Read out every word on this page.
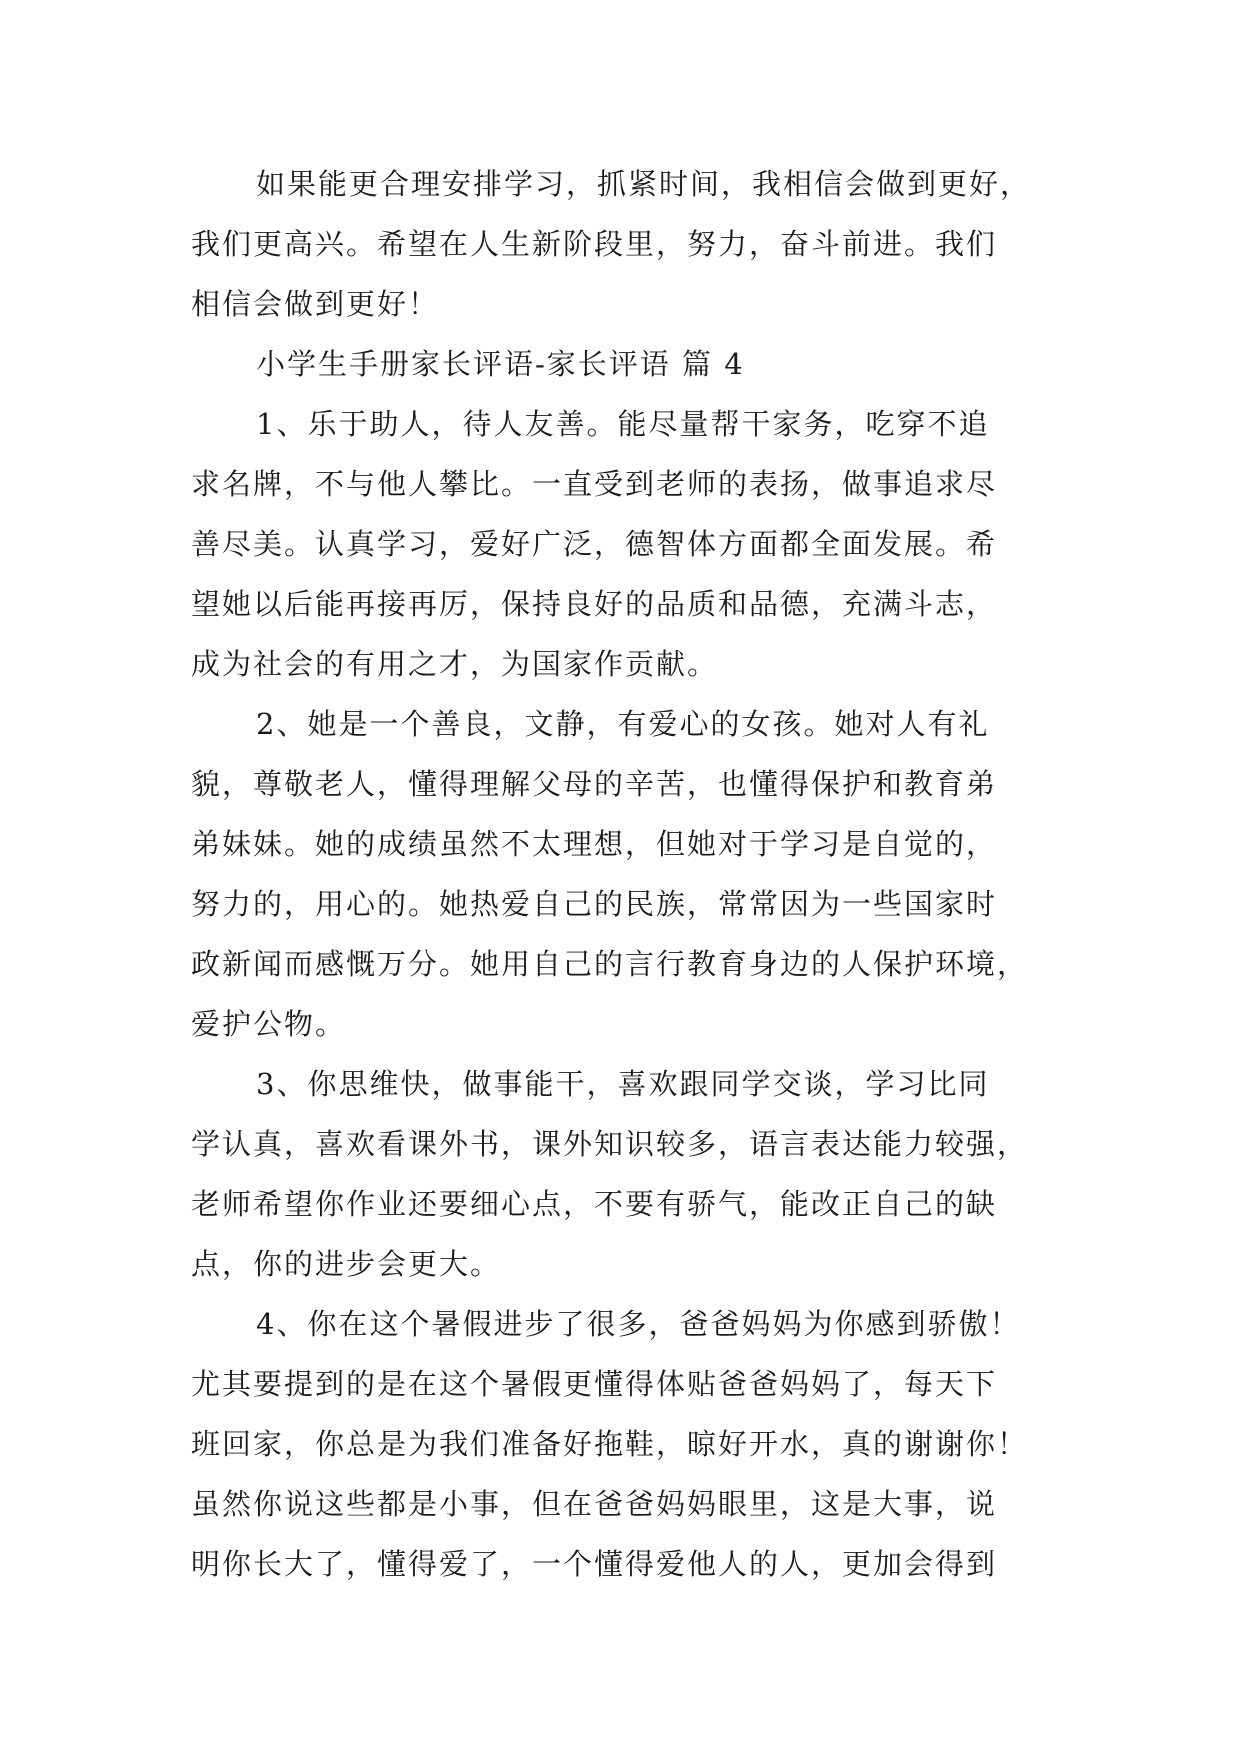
如果能更合理安排学习，抓紧时间，我相信会做到更好，

我们更高兴。希望在人生新阶段里，努力，奋斗前进。我们

相信会做到更好！

小学生手册家长评语-家长评语 篇 4

1、乐于助人，待人友善。能尽量帮干家务，吃穿不追

求名牌，不与他人攀比。一直受到老师的表扬，做事追求尽

善尽美。认真学习，爱好广泛，德智体方面都全面发展。希

望她以后能再接再厉，保持良好的品质和品德，充满斗志，

成为社会的有用之才，为国家作贡献。

2、她是一个善良，文静，有爱心的女孩。她对人有礼

貌，尊敬老人，懂得理解父母的辛苦，也懂得保护和教育弟

弟妹妹。她的成绩虽然不太理想，但她对于学习是自觉的，

努力的，用心的。她热爱自己的民族，常常因为一些国家时

政新闻而感慨万分。她用自己的言行教育身边的人保护环境，

爱护公物。

3、你思维快，做事能干，喜欢跟同学交谈，学习比同

学认真，喜欢看课外书，课外知识较多，语言表达能力较强，

老师希望你作业还要细心点，不要有骄气，能改正自己的缺

点，你的进步会更大。

4、你在这个暑假进步了很多，爸爸妈妈为你感到骄傲！

尤其要提到的是在这个暑假更懂得体贴爸爸妈妈了，每天下

班回家，你总是为我们准备好拖鞋，晾好开水，真的谢谢你！

虽然你说这些都是小事，但在爸爸妈妈眼里，这是大事，说

明你长大了，懂得爱了，一个懂得爱他人的人，更加会得到
